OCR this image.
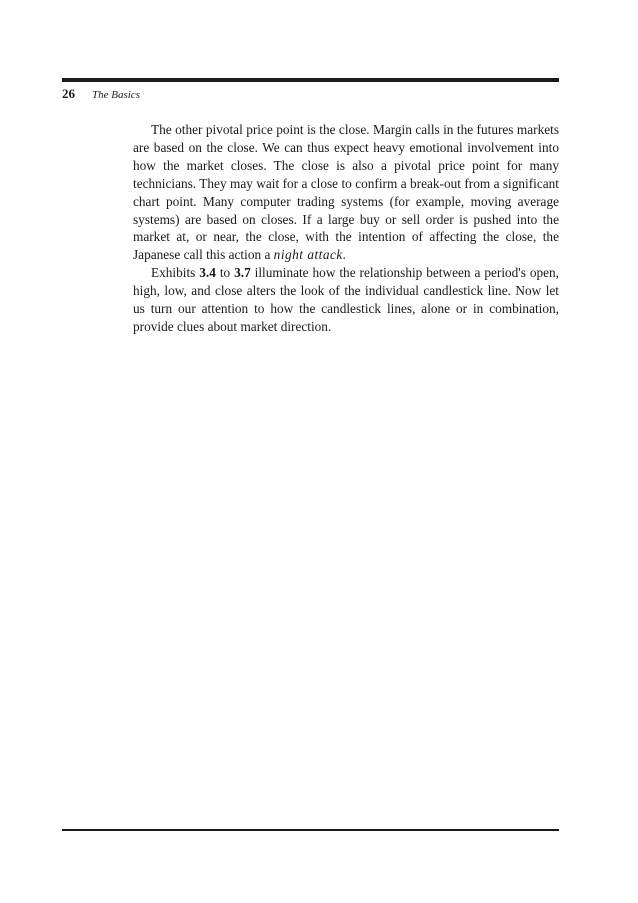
26 The Basics

The other pivotal price point is the close. Margin calls in the futures markets are based on the close. We can thus expect heavy emotional involvement into how the market closes. The close is also a pivotal price point for many technicians. They may wait for a close to confirm a break-out from a significant chart point. Many computer trading systems (for example, moving average systems) are based on closes. If a large buy or sell order is pushed into the market at, or near, the close, with the intention of affecting the close, the Japanese call this action a night attack.

Exhibits 3.4 to 3.7 illuminate how the relationship between a period's open, high, low, and close alters the look of the individual candlestick line. Now let us turn our attention to how the candlestick lines, alone or in combination, provide clues about market direction.
